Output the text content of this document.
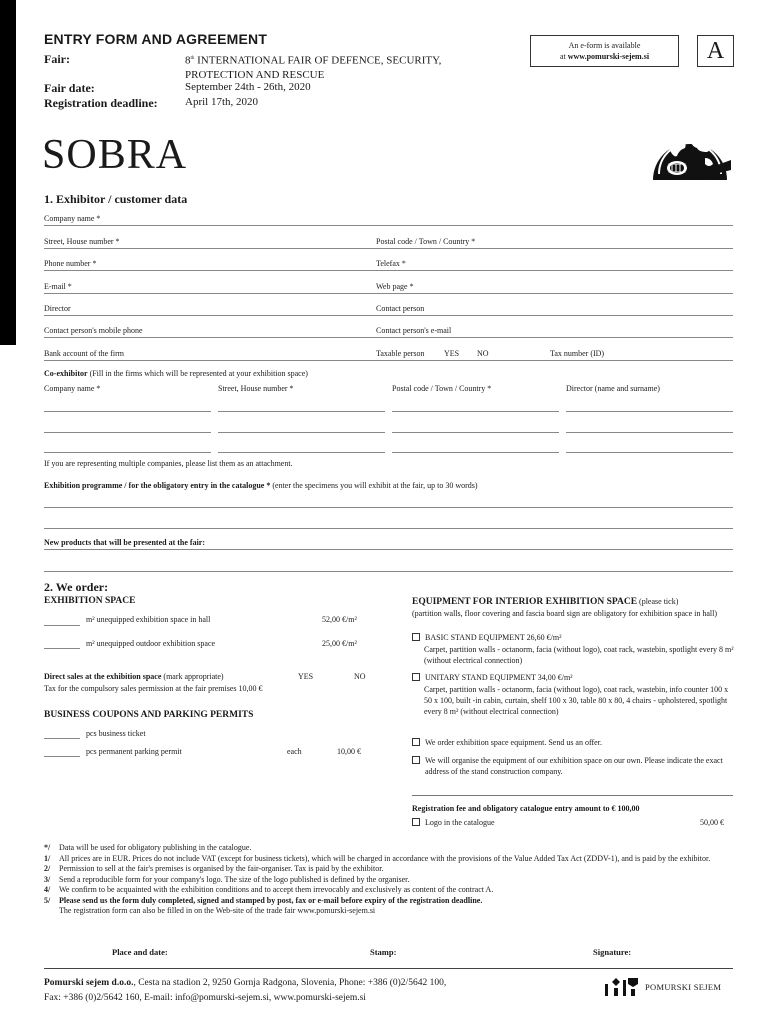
ENTRY FORM AND AGREEMENT
Fair:	8th INTERNATIONAL FAIR OF DEFENCE, SECURITY,
PROTECTION AND RESCUE
Fair date:	September 24th - 26th, 2020
Registration deadline: April 17th, 2020
An e-form is available
at www.pomurski-sejem.si	A
SOBRA
1. Exhibitor / customer data
Company name *
Street, House number *	Postal code / Town / Country *
Phone number *	Telefax *
E-mail *	Web page *
Director	Contact person
Contact person's mobile phone	Contact person's e-mail
Bank account of the firm	Taxable person YES NO	Tax number (ID)
Co-exhibitor (Fill in the firms which will be represented at your exhibition space)
Company name *	Street, House number *	Postal code / Town / Country *	Director (name and surname)
If you are representing multiple companies, please list them as an attachment.
Exhibition programme / for the obligatory entry in the catalogue * (enter the specimens you will exhibit at the fair, up to 30 words)
New products that will be presented at the fair:
2. We order:
EXHIBITION SPACE
m² unequipped exhibition space in hall	52,00 €/m²
m² unequipped outdoor exhibition space	25,00 €/m²
Direct sales at the exhibition space (mark appropriate)	YES	NO
Tax for the compulsory sales permission at the fair premises 10,00 €
BUSINESS COUPONS AND PARKING PERMITS
pcs business ticket
pcs permanent parking permit	each	10,00 €
EQUIPMENT FOR INTERIOR EXHIBITION SPACE (please tick)
(partition walls, floor covering and fascia board sign are obligatory for exhibition space in hall)
BASIC STAND EQUIPMENT 26,60 €/m²
Carpet, partition walls - octanorm, facia (without logo), coat rack, wastebin, spotlight every 8 m² (without electrical connection)
UNITARY STAND EQUIPMENT 34,00 €/m²
Carpet, partition walls - octanorm, facia (without logo), coat rack, wastebin, info counter 100 x 50 x 100, built -in cabin, curtain, shelf 100 x 30, table 80 x 80, 4 chairs - upholstered, spotlight every 8 m² (without electrical connection)
We order exhibition space equipment. Send us an offer.
We will organise the equipment of our exhibition space on our own. Please indicate the exact address of the stand construction company.
Registration fee and obligatory catalogue entry amount to € 100,00
Logo in the catalogue	50,00 €
*/	Data will be used for obligatory publishing in the catalogue.
1/	All prices are in EUR. Prices do not include VAT (except for business tickets), which will be charged in accordance with the provisions of the Value Added Tax Act (ZDDV-1), and is paid by the exhibitor.
2/	Permission to sell at the fair's premises is organised by the fair-organiser. Tax is paid by the exhibitor.
3/	Send a reproducible form for your company's logo. The size of the logo published is defined by the organiser.
4/	We confirm to be acquainted with the exhibition conditions and to accept them irrevocably and exclusively as content of the contract A.
5/	Please send us the form duly completed, signed and stamped by post, fax or e-mail before expiry of the registration deadline.
The registration form can also be filled in on the Web-site of the trade fair www.pomurski-sejem.si
Place and date:	Stamp:	Signature:
Pomurski sejem d.o.o., Cesta na stadion 2, 9250 Gornja Radgona, Slovenia, Phone: +386 (0)2/5642 100,
Fax: +386 (0)2/5642 160, E-mail: info@pomurski-sejem.si, www.pomurski-sejem.si
POMURSKI SEJEM
